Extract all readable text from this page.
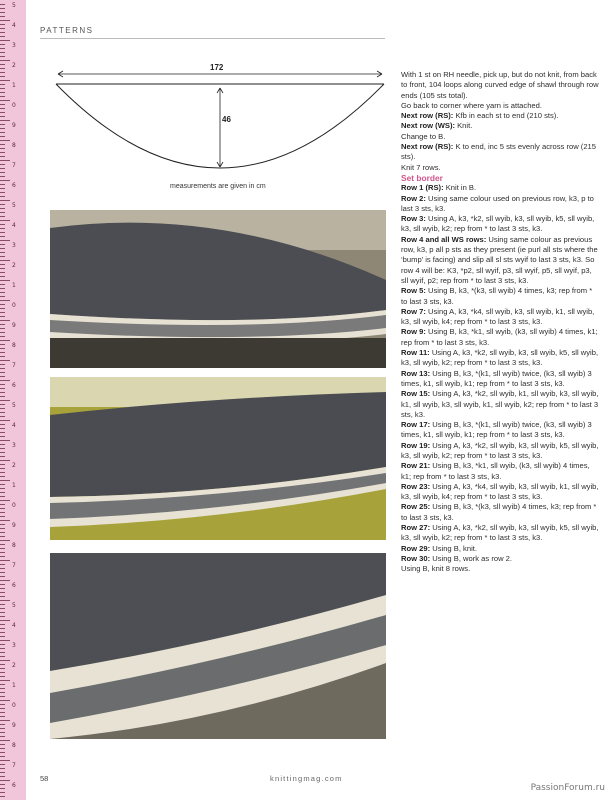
5
4
3
2
1
0
9
8
7
6
5
4
3
2
1
0
9
8
7
6
5
4
3
2
1
0
9
8
7
6
5
4
3
2
1
0
9
8
7
6
PATTERNS
172
46
measurements are given in cm

With 1 st on RH needle, pick up, but do not knit, from back to front, 104 loops along curved edge of shawl through row ends (105 sts total).

Go back to corner where yarn is attached.

Next row (RS): Kfb in each st to end (210 sts).

Next row (WS): Knit.

Change to B.

Next row (RS): K to end, inc 5 sts evenly across row (215 sts).

Knit 7 rows.

Set border

Row 1 (RS): Knit in B.

Row 2: Using same colour used on previous row, k3, p to last 3 sts, k3.

Row 3: Using A, k3, *k2, sll wyib, k3, sll wyib, k5, sll wyib, k3, sll wyib, k2; rep from * to last 3 sts, k3.

Row 4 and all WS rows: Using same colour as previous row, k3, p all p sts as they present (ie purl all sts where the ‘bump’ is facing) and slip all sl sts wyif to last 3 sts, k3. So row 4 will be: K3, *p2, sll wyif, p3, sll wyif, p5, sll wyif, p3, sll wyif, p2; rep from * to last 3 sts, k3.

Row 5: Using B, k3, *(k3, sll wyib) 4 times, k3; rep from * to last 3 sts, k3.

Row 7: Using A, k3, *k4, sll wyib, k3, sll wyib, k1, sll wyib, k3, sll wyib, k4; rep from * to last 3 sts, k3.

Row 9: Using B, k3, *k1, sll wyib, (k3, sll wyib) 4 times, k1; rep from * to last 3 sts, k3.

Row 11: Using A, k3, *k2, sll wyib, k3, sll wyib, k5, sll wyib, k3, sll wyib, k2; rep from * to last 3 sts, k3.

Row 13: Using B, k3, *(k1, sll wyib) twice, (k3, sll wyib) 3 times, k1, sll wyib, k1; rep from * to last 3 sts, k3.

Row 15: Using A, k3, *k2, sll wyib, k1, sll wyib, k3, sll wyib, k1, sll wyib, k3, sll wyib, k1, sll wyib, k2; rep from * to last 3 sts, k3.

Row 17: Using B, k3, *(k1, sll wyib) twice, (k3, sll wyib) 3 times, k1, sll wyib, k1; rep from * to last 3 sts, k3.

Row 19: Using A, k3, *k2, sll wyib, k3, sll wyib, k5, sll wyib, k3, sll wyib, k2; rep from * to last 3 sts, k3.

Row 21: Using B, k3, *k1, sll wyib, (k3, sll wyib) 4 times, k1; rep from * to last 3 sts, k3.

Row 23: Using A, k3, *k4, sll wyib, k3, sll wyib, k1, sll wyib, k3, sll wyib, k4; rep from * to last 3 sts, k3.

Row 25: Using B, k3, *(k3, sll wyib) 4 times, k3; rep from * to last 3 sts, k3.

Row 27: Using A, k3, *k2, sll wyib, k3, sll wyib, k5, sll wyib, k3, sll wyib, k2; rep from * to last 3 sts, k3.

Row 29: Using B, knit.

Row 30: Using B, work as row 2.

Using B, knit 8 rows.

58	knittingmag.com
PassionForum.ru
